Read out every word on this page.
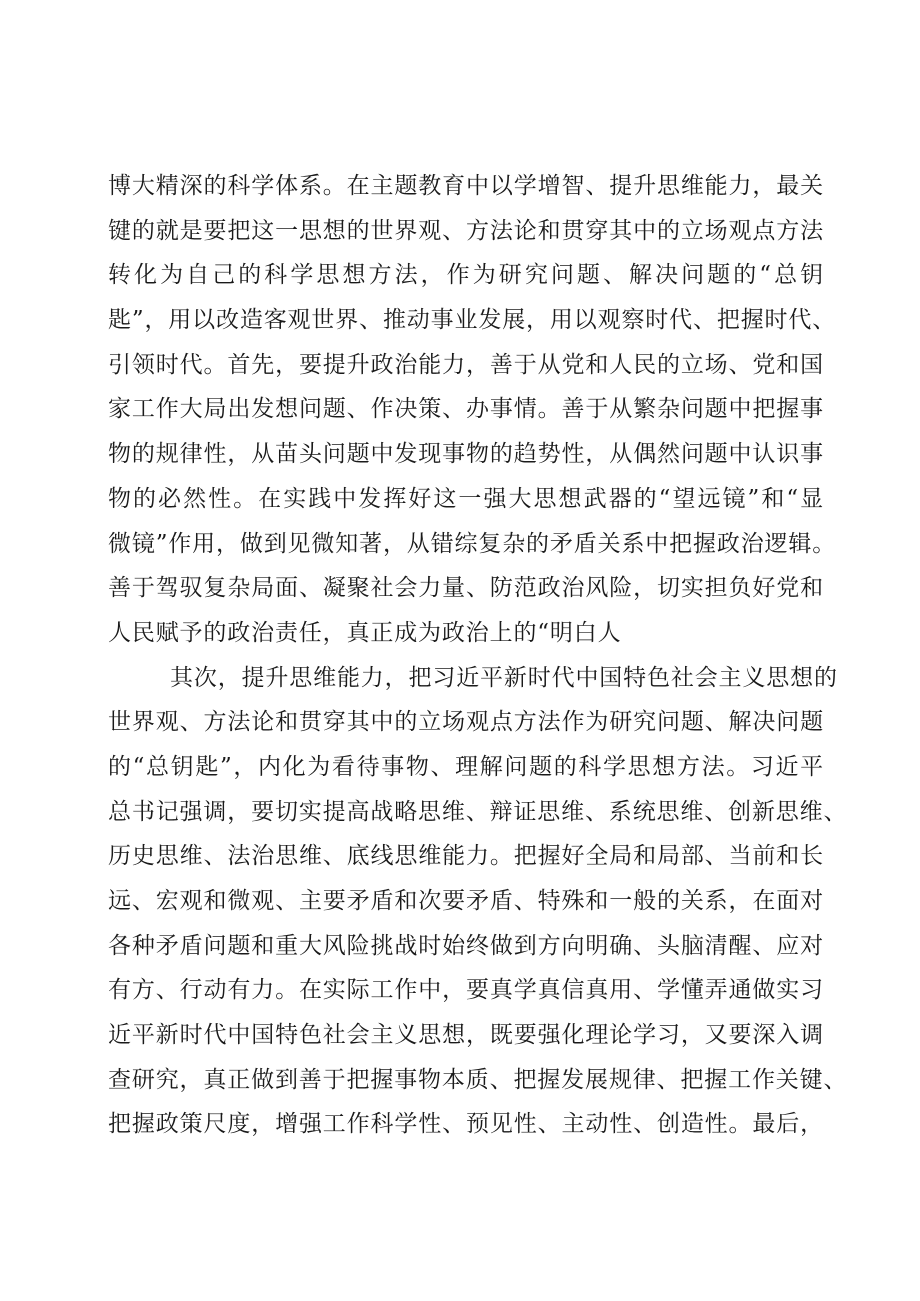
博大精深的科学体系。在主题教育中以学增智、提升思维能力，最关
键的就是要把这一思想的世界观、方法论和贯穿其中的立场观点方法
转化为自己的科学思想方法，作为研究问题、解决问题的“总钥
匙”，用以改造客观世界、推动事业发展，用以观察时代、把握时代、
引领时代。首先，要提升政治能力，善于从党和人民的立场、党和国
家工作大局出发想问题、作决策、办事情。善于从繁杂问题中把握事
物的规律性，从苗头问题中发现事物的趋势性，从偶然问题中认识事
物的必然性。在实践中发挥好这一强大思想武器的“望远镜”和“显
微镜”作用，做到见微知著，从错综复杂的矛盾关系中把握政治逻辑。
善于驾驭复杂局面、凝聚社会力量、防范政治风险，切实担负好党和
人民赋予的政治责任，真正成为政治上的“明白人
其次，提升思维能力，把习近平新时代中国特色社会主义思想的
世界观、方法论和贯穿其中的立场观点方法作为研究问题、解决问题
的“总钥匙”，内化为看待事物、理解问题的科学思想方法。习近平
总书记强调，要切实提高战略思维、辩证思维、系统思维、创新思维、
历史思维、法治思维、底线思维能力。把握好全局和局部、当前和长
远、宏观和微观、主要矛盾和次要矛盾、特殊和一般的关系，在面对
各种矛盾问题和重大风险挑战时始终做到方向明确、头脑清醒、应对
有方、行动有力。在实际工作中，要真学真信真用、学懂弄通做实习
近平新时代中国特色社会主义思想，既要强化理论学习，又要深入调
查研究，真正做到善于把握事物本质、把握发展规律、把握工作关键、
把握政策尺度，增强工作科学性、预见性、主动性、创造性。最后，
